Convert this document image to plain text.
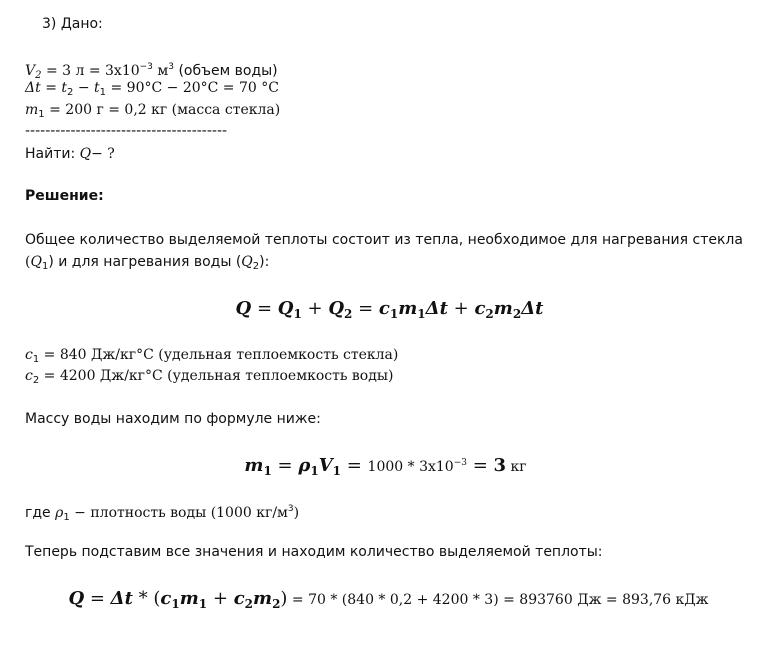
3) Дано:
$V_2 = 3$ $л = 3х10^{-3}$ $м^3$ (объем воды)
$\Delta t = t_2 - t_1 = 90^\circ C - 20^\circ C = 70$ °C
$m_1 = 200$ г = 0,2 кг (масса стекла)
----------------------------------------
Найти: Q− ?
Решение:
Общее количество выделяемой теплоты состоит из тепла, необходимое для нагревания стекла
$(Q_1)$ и для нагревания воды $(Q_2)$:
$Q = Q_1 + Q_2 = c_1m_1\Delta t + c_2m_2\Delta t$
$c_1 = 840$ Дж/кг°С (удельная теплоемкость стекла)
$c_2 = 4200$ Дж/кг°С (удельная теплоемкость воды)
Массу воды находим по формуле ниже:
$m_1 = \rho_1V_1 = 1000 * 3х10^{-3} = 3$ кг
где $\rho_1$ − плотность воды (1000 $кг/м^3$)
Теперь подставим все значения и находим количество выделяемой теплоты:
$Q = \Delta t * (c_1m_1 + c_2m_2) = 70 * (840 * 0,2 + 4200 * 3) = 893760$ Дж = 893,76 кДж
